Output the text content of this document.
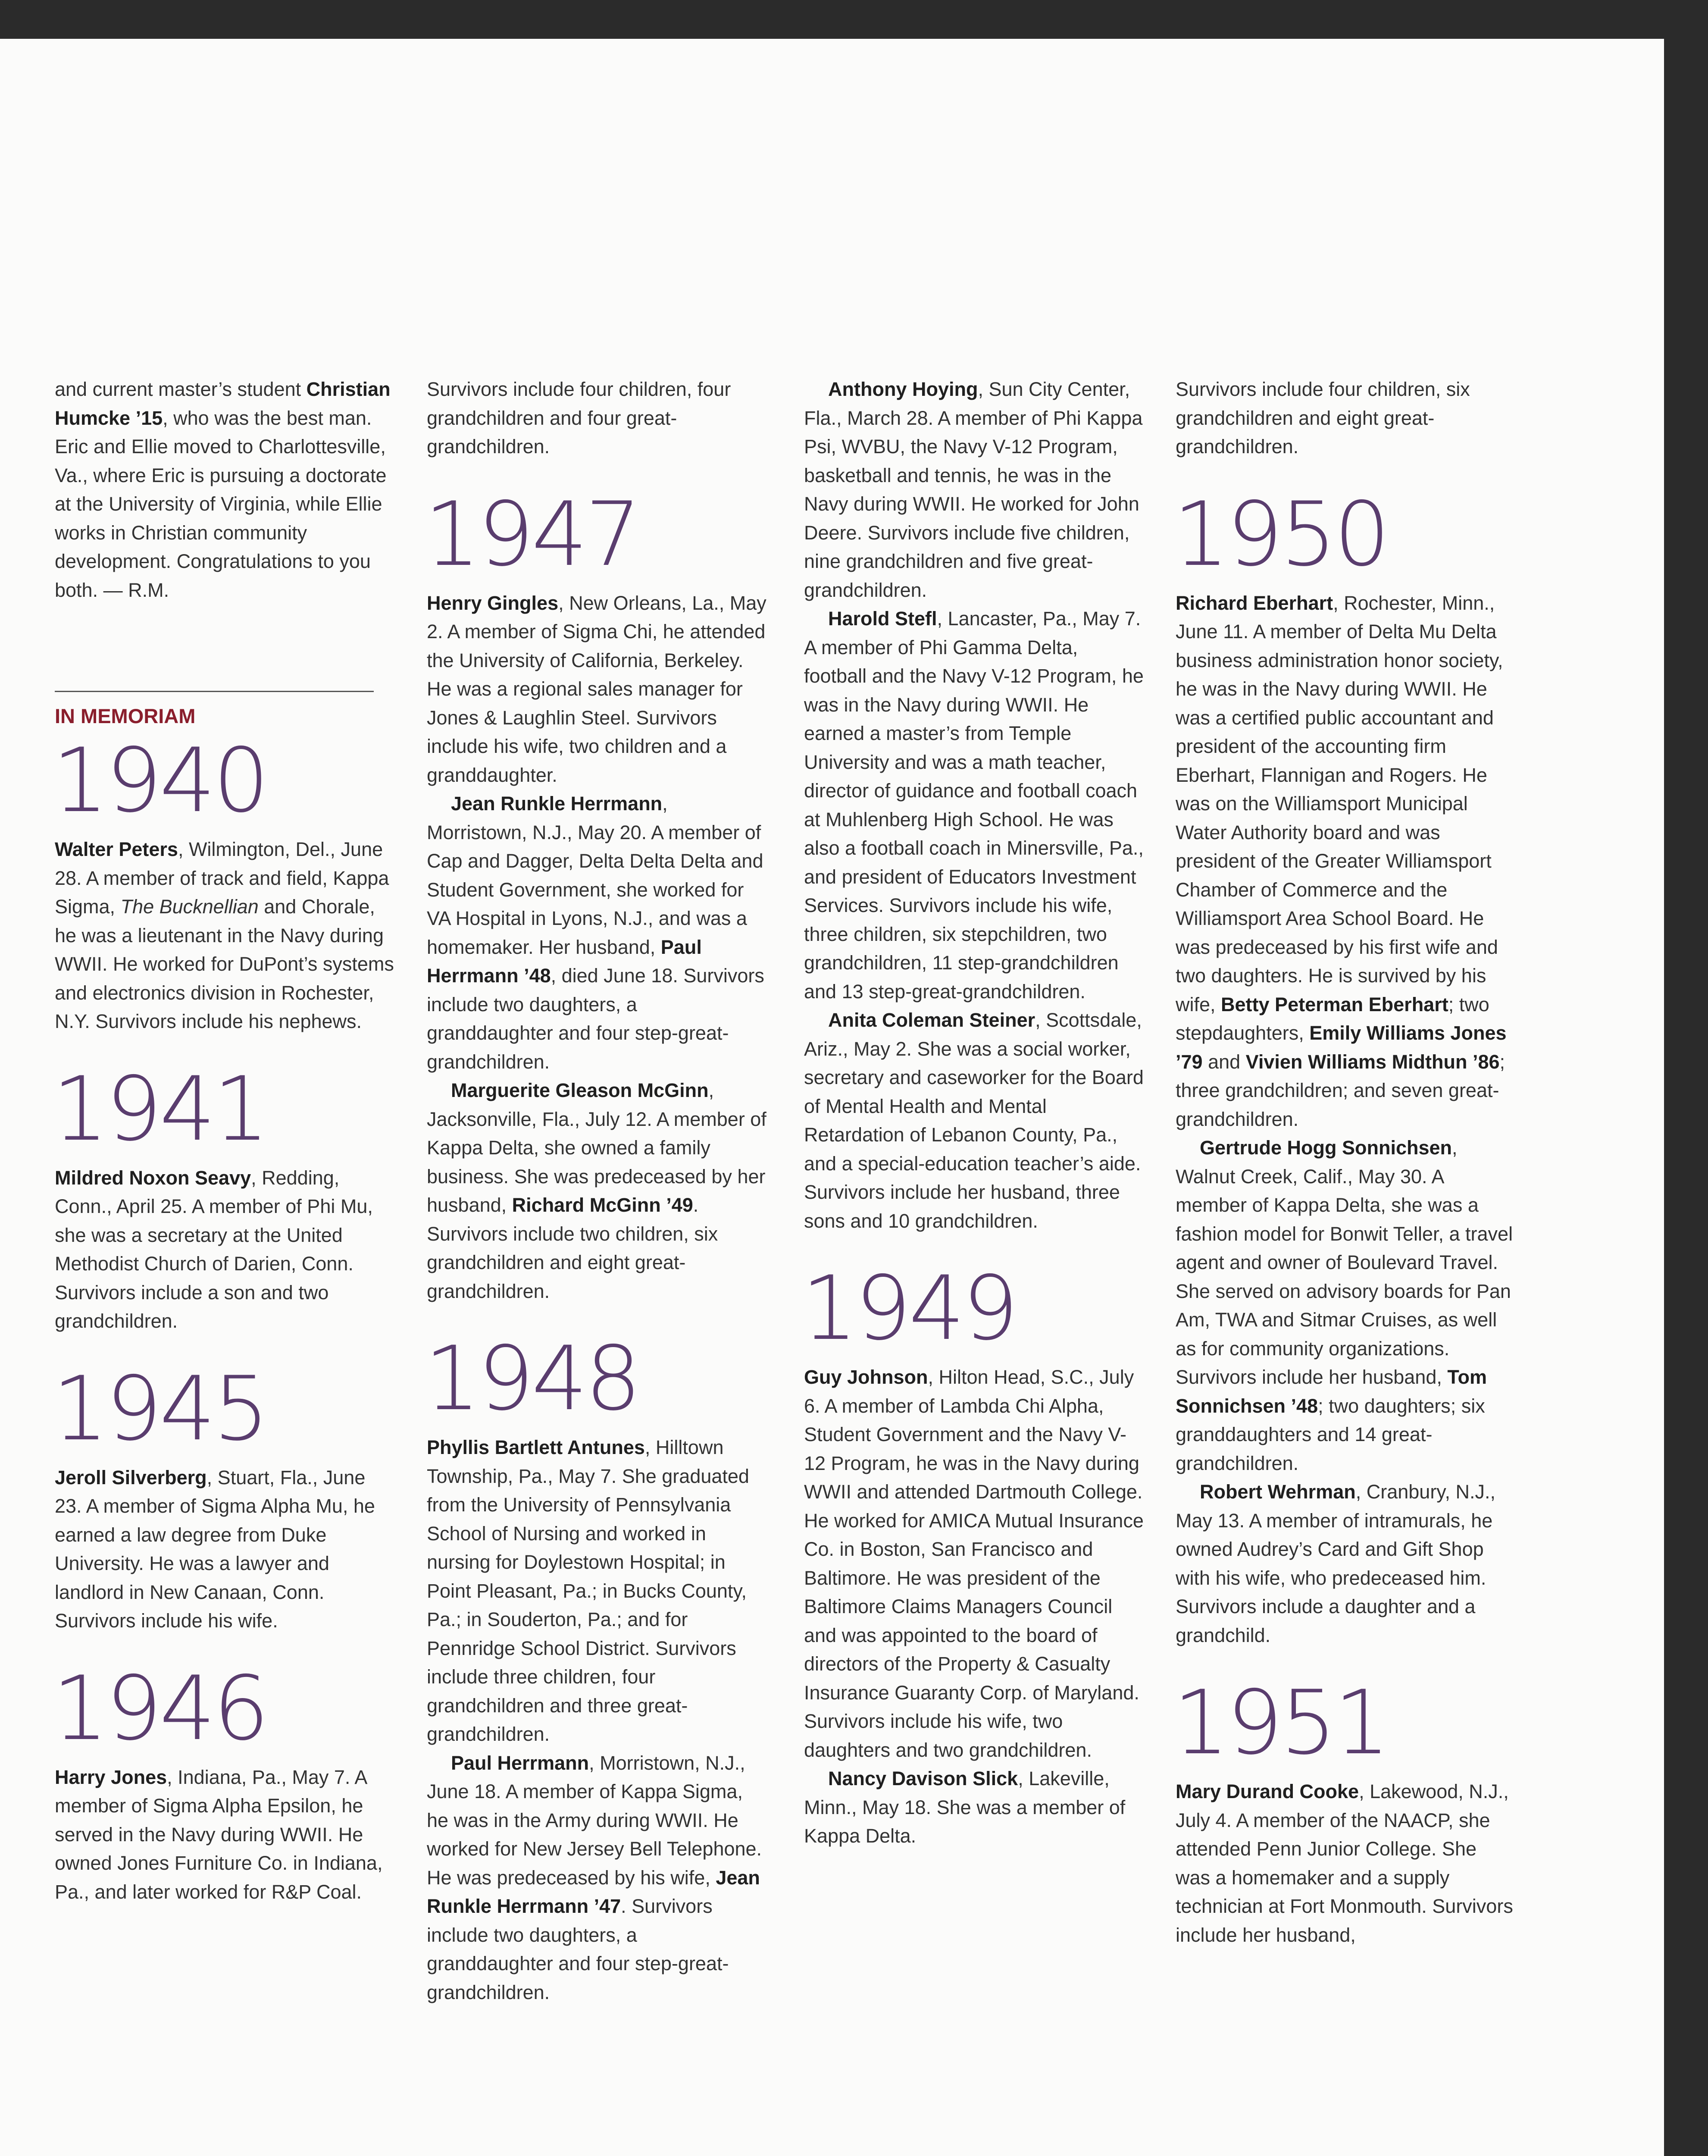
and current master’s student Christian Humcke ’15, who was the best man. Eric and Ellie moved to Charlottesville, Va., where Eric is pursuing a doctorate at the University of Virginia, while Ellie works in Christian community development. Congratulations to you both. — R.M.

IN MEMORIAM
1940

Walter Peters, Wilmington, Del., June 28. A member of track and field, Kappa Sigma, The Bucknellian and Chorale, he was a lieutenant in the Navy during WWII. He worked for DuPont’s systems and electronics division in Rochester, N.Y. Survivors include his nephews.

1941

Mildred Noxon Seavy, Redding, Conn., April 25. A member of Phi Mu, she was a secretary at the United Methodist Church of Darien, Conn. Survivors include a son and two grandchildren.

1945

Jeroll Silverberg, Stuart, Fla., June 23. A member of Sigma Alpha Mu, he earned a law degree from Duke University. He was a lawyer and landlord in New Canaan, Conn. Survivors include his wife.

1946

Harry Jones, Indiana, Pa., May 7. A member of Sigma Alpha Epsilon, he served in the Navy during WWII. He owned Jones Furniture Co. in Indiana, Pa., and later worked for R&P Coal.

Survivors include four children, four grandchildren and four great-grandchildren.

1947

Henry Gingles, New Orleans, La., May 2. A member of Sigma Chi, he attended the University of California, Berkeley. He was a regional sales manager for Jones & Laughlin Steel. Survivors include his wife, two children and a granddaughter.

Jean Runkle Herrmann, Morristown, N.J., May 20. A member of Cap and Dagger, Delta Delta Delta and Student Government, she worked for VA Hospital in Lyons, N.J., and was a homemaker. Her husband, Paul Herrmann ’48, died June 18. Survivors include two daughters, a granddaughter and four step-great-grandchildren.

Marguerite Gleason McGinn, Jacksonville, Fla., July 12. A member of Kappa Delta, she owned a family business. She was predeceased by her husband, Richard McGinn ’49. Survivors include two children, six grandchildren and eight great-grandchildren.

1948

Phyllis Bartlett Antunes, Hilltown Township, Pa., May 7. She graduated from the University of Pennsylvania School of Nursing and worked in nursing for Doylestown Hospital; in Point Pleasant, Pa.; in Bucks County, Pa.; in Souderton, Pa.; and for Pennridge School District. Survivors include three children, four grandchildren and three great-grandchildren.

Paul Herrmann, Morristown, N.J., June 18. A member of Kappa Sigma, he was in the Army during WWII. He worked for New Jersey Bell Telephone. He was predeceased by his wife, Jean Runkle Herrmann ’47. Survivors include two daughters, a granddaughter and four step-great-grandchildren.

Anthony Hoying, Sun City Center, Fla., March 28. A member of Phi Kappa Psi, WVBU, the Navy V-12 Program, basketball and tennis, he was in the Navy during WWII. He worked for John Deere. Survivors include five children, nine grandchildren and five great-grandchildren.

Harold Stefl, Lancaster, Pa., May 7. A member of Phi Gamma Delta, football and the Navy V-12 Program, he was in the Navy during WWII. He earned a master’s from Temple University and was a math teacher, director of guidance and football coach at Muhlenberg High School. He was also a football coach in Minersville, Pa., and president of Educators Investment Services. Survivors include his wife, three children, six stepchildren, two grandchildren, 11 step-grandchildren and 13 step-great-grandchildren.

Anita Coleman Steiner, Scottsdale, Ariz., May 2. She was a social worker, secretary and caseworker for the Board of Mental Health and Mental Retardation of Lebanon County, Pa., and a special-education teacher’s aide. Survivors include her husband, three sons and 10 grandchildren.

1949

Guy Johnson, Hilton Head, S.C., July 6. A member of Lambda Chi Alpha, Student Government and the Navy V-12 Program, he was in the Navy during WWII and attended Dartmouth College. He worked for AMICA Mutual Insurance Co. in Boston, San Francisco and Baltimore. He was president of the Baltimore Claims Managers Council and was appointed to the board of directors of the Property & Casualty Insurance Guaranty Corp. of Maryland. Survivors include his wife, two daughters and two grandchildren.

Nancy Davison Slick, Lakeville, Minn., May 18. She was a member of Kappa Delta.

Survivors include four children, six grandchildren and eight great-grandchildren.

1950

Richard Eberhart, Rochester, Minn., June 11. A member of Delta Mu Delta business administration honor society, he was in the Navy during WWII. He was a certified public accountant and president of the accounting firm Eberhart, Flannigan and Rogers. He was on the Williamsport Municipal Water Authority board and was president of the Greater Williamsport Chamber of Commerce and the Williamsport Area School Board. He was predeceased by his first wife and two daughters. He is survived by his wife, Betty Peterman Eberhart; two stepdaughters, Emily Williams Jones ’79 and Vivien Williams Midthun ’86; three grandchildren; and seven great-grandchildren.

Gertrude Hogg Sonnichsen, Walnut Creek, Calif., May 30. A member of Kappa Delta, she was a fashion model for Bonwit Teller, a travel agent and owner of Boulevard Travel. She served on advisory boards for Pan Am, TWA and Sitmar Cruises, as well as for community organizations. Survivors include her husband, Tom Sonnichsen ’48; two daughters; six granddaughters and 14 great-grandchildren.

Robert Wehrman, Cranbury, N.J., May 13. A member of intramurals, he owned Audrey’s Card and Gift Shop with his wife, who predeceased him. Survivors include a daughter and a grandchild.

1951

Mary Durand Cooke, Lakewood, N.J., July 4. A member of the NAACP, she attended Penn Junior College. She was a homemaker and a supply technician at Fort Monmouth. Survivors include her husband,
